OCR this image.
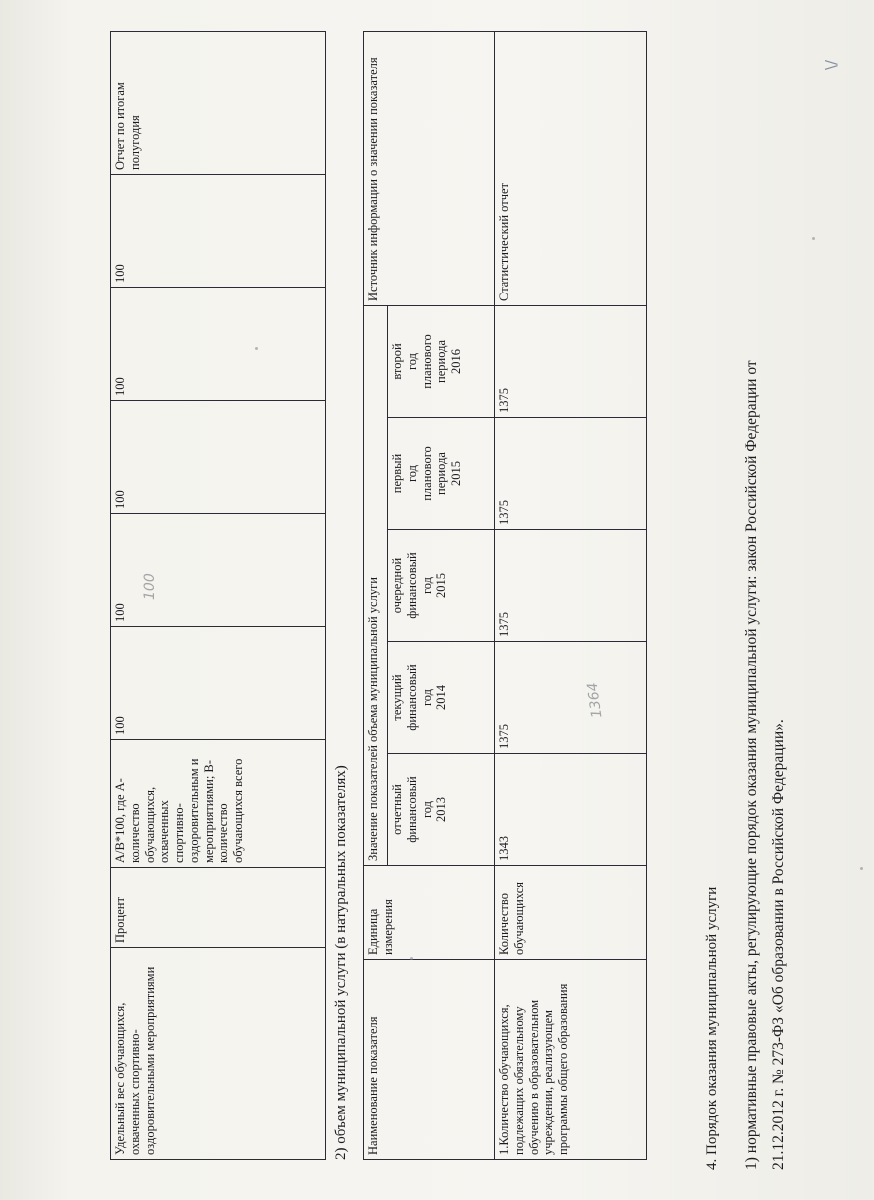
Удельный вес обучающихся, охваченных спортивно-оздоровительными мероприятиями	Процент	А/В*100, где А-количество обучающихся, охваченных спортивно-оздоровительным и мероприятиями; В-количество обучающихся всего	100	100	100	100	100	Отчет по итогам полугодия
100
2) объем муниципальной услуги (в натуральных показателях) Наименование показателя	Единица измерения	Значение показателей объема муниципальной услуги					Источник информации о значении показателя
		отчетный
финансовый
год
2013	текущий
финансовый
год
2014	очередной
финансовый
год
2015	первый
год
планового
периода
2015	второй
год
планового
периода
2016	
1.Количество обучающихся, подлежащих обязательному обучению в образовательном учреждении, реализующем программы общего образования	Количество обучающихся	1343	1375	1375	1375	1375	Статистический отчет
1364
4. Порядок оказания муниципальной услуги	1) нормативные правовые акты, регулирующие порядок оказания муниципальной услуги: закон Российской Федерации от 21.12.2012 г. № 273-ФЗ «Об образовании в Российской Федерации».
\/
